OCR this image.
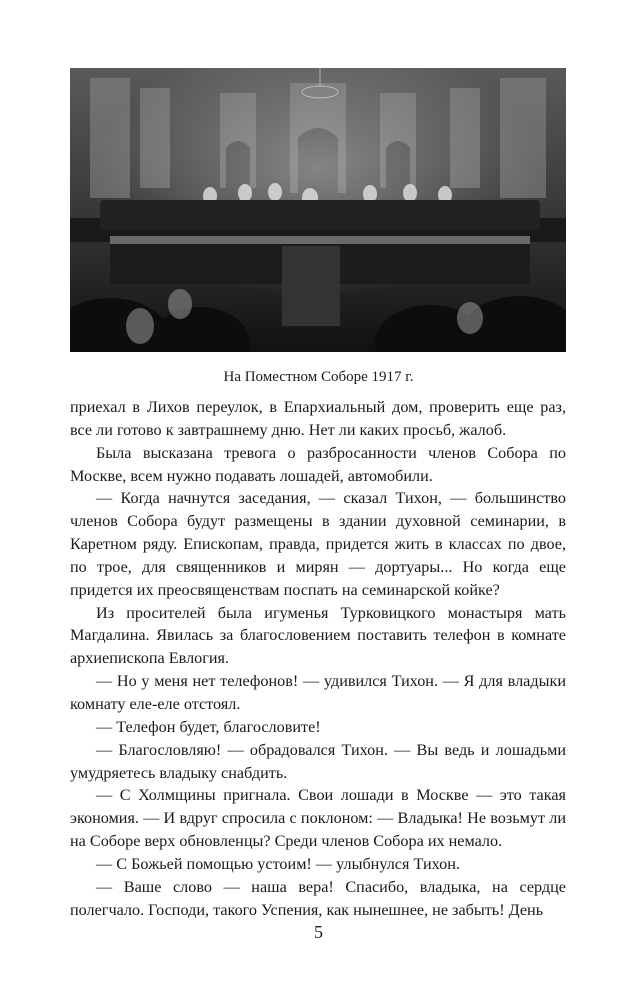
На Поместном Соборе 1917 г.

приехал в Лихов переулок, в Епархиальный дом, проверить еще раз, все ли готово к завтрашнему дню. Нет ли каких просьб, жалоб.

Была высказана тревога о разбросанности членов Собора по Москве, всем нужно подавать лошадей, автомобили.

— Когда начнутся заседания, — сказал Тихон, — большинство членов Собора будут размещены в здании духовной семинарии, в Каретном ряду. Епископам, правда, придется жить в классах по двое, по трое, для священников и мирян — дортуары... Но когда еще придется их преосвященствам поспать на семинарской койке?

Из просителей была игуменья Турковицкого монастыря мать Магдалина. Явилась за благословением поставить телефон в комнате архиепископа Евлогия.

— Но у меня нет телефонов! — удивился Тихон. — Я для владыки комнату еле-еле отстоял.

— Телефон будет, благословите!

— Благословляю! — обрадовался Тихон. — Вы ведь и лошадьми умудряетесь владыку снабдить.

— С Холмщины пригнала. Свои лошади в Москве — это такая экономия. — И вдруг спросила с поклоном: — Владыка! Не возьмут ли на Соборе верх обновленцы? Среди членов Собора их немало.

— С Божьей помощью устоим! — улыбнулся Тихон.

— Ваше слово — наша вера! Спасибо, владыка, на сердце полегчало. Господи, такого Успения, как нынешнее, не забыть! День

5
